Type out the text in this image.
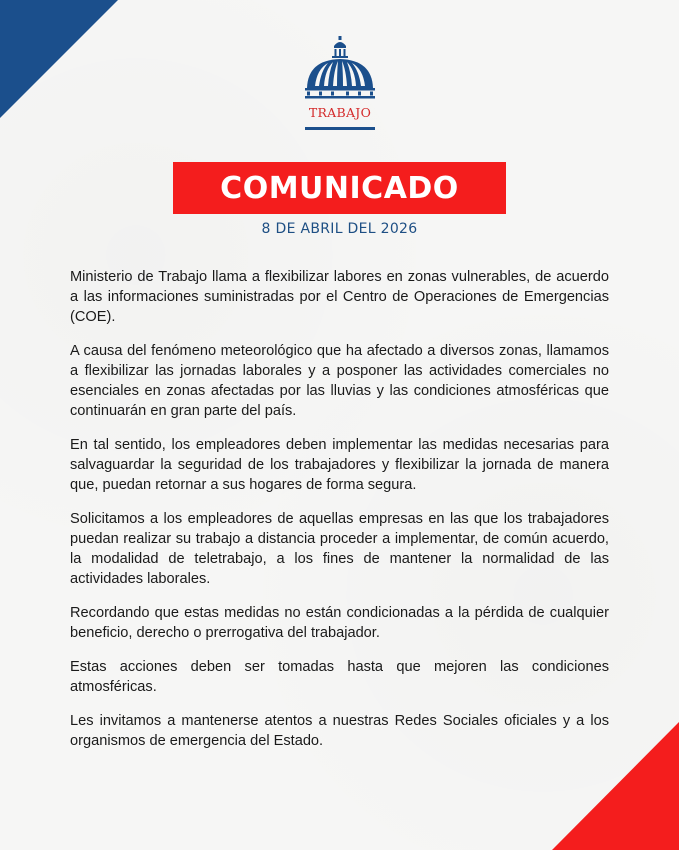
TRABAJO
COMUNICADO
8 DE ABRIL DEL 2026

Ministerio de Trabajo llama a flexibilizar labores en zonas vulnerables, de acuerdo a las informaciones suministradas por el Centro de Operaciones de Emergencias (COE).

A causa del fenómeno meteorológico que ha afectado a diversos zonas, llamamos a flexibilizar las jornadas laborales y a posponer las actividades comerciales no esenciales en zonas afectadas por las lluvias y las condiciones atmosféricas que continuarán en gran parte del país.

En tal sentido, los empleadores deben implementar las medidas necesarias para salvaguardar la seguridad de los trabajadores y flexibilizar la jornada de manera que, puedan retornar a sus hogares de forma segura.

Solicitamos a los empleadores de aquellas empresas en las que los trabajadores puedan realizar su trabajo a distancia proceder a implementar, de común acuerdo, la modalidad de teletrabajo, a los fines de mantener la normalidad de las actividades laborales.

Recordando que estas medidas no están condicionadas a la pérdida de cualquier beneficio, derecho o prerrogativa del trabajador.

Estas acciones deben ser tomadas hasta que mejoren las condiciones atmosféricas.

Les invitamos a mantenerse atentos a nuestras Redes Sociales oficiales y a los organismos de emergencia del Estado.
